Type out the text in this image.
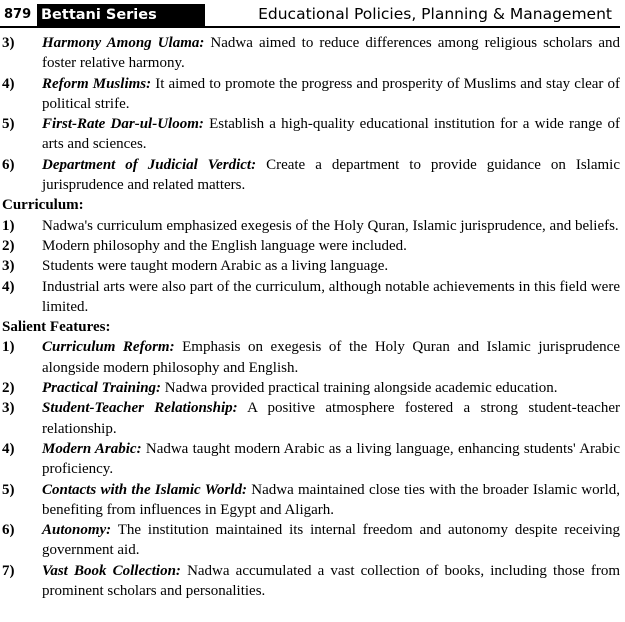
879 Bettani Series	Educational Policies, Planning & Management
3) Harmony Among Ulama: Nadwa aimed to reduce differences among religious scholars and foster relative harmony.
4) Reform Muslims: It aimed to promote the progress and prosperity of Muslims and stay clear of political strife.
5) First-Rate Dar-ul-Uloom: Establish a high-quality educational institution for a wide range of arts and sciences.
6) Department of Judicial Verdict: Create a department to provide guidance on Islamic jurisprudence and related matters.
Curriculum:
1) Nadwa's curriculum emphasized exegesis of the Holy Quran, Islamic jurisprudence, and beliefs.
2) Modern philosophy and the English language were included.
3) Students were taught modern Arabic as a living language.
4) Industrial arts were also part of the curriculum, although notable achievements in this field were limited.
Salient Features:
1) Curriculum Reform: Emphasis on exegesis of the Holy Quran and Islamic jurisprudence alongside modern philosophy and English.
2) Practical Training: Nadwa provided practical training alongside academic education.
3) Student-Teacher Relationship: A positive atmosphere fostered a strong student-teacher relationship.
4) Modern Arabic: Nadwa taught modern Arabic as a living language, enhancing students' Arabic proficiency.
5) Contacts with the Islamic World: Nadwa maintained close ties with the broader Islamic world, benefiting from influences in Egypt and Aligarh.
6) Autonomy: The institution maintained its internal freedom and autonomy despite receiving government aid.
7) Vast Book Collection: Nadwa accumulated a vast collection of books, including those from prominent scholars and personalities.
